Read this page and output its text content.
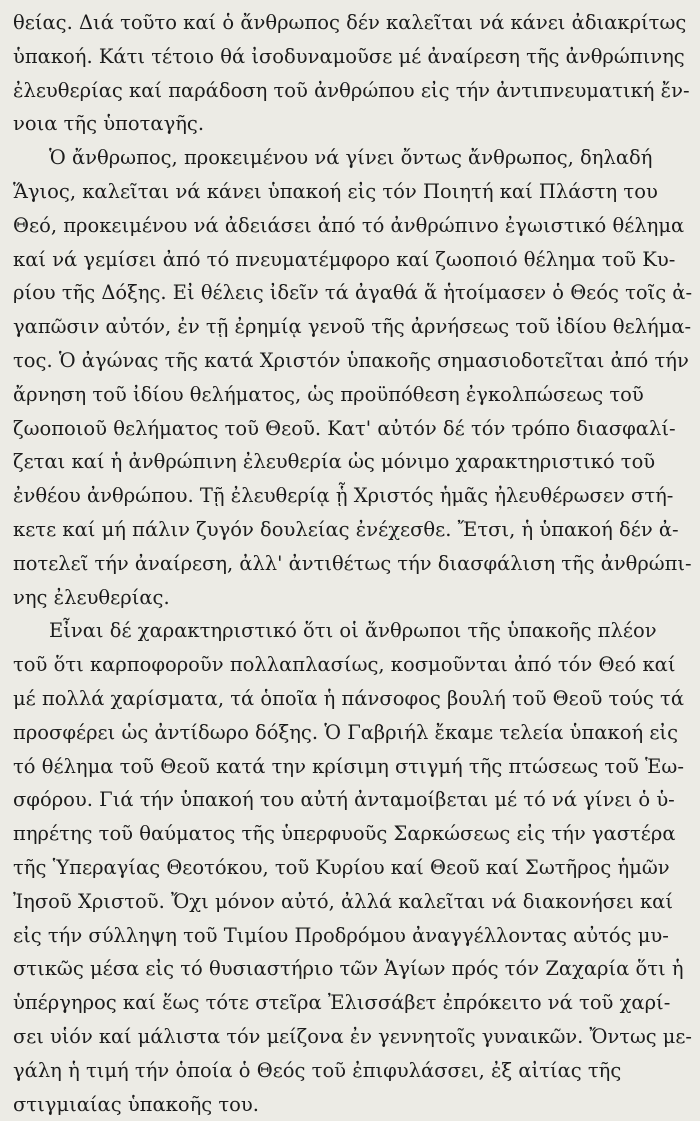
θείας. Διά τοῦτο καί ὁ ἄνθρωπος δέν καλεῖται νά κάνει ἀδιακρίτως
ὑπακοή. Κάτι τέτοιο θά ἰσοδυναμοῦσε μέ ἀναίρεση τῆς ἀνθρώπινης
ἐλευθερίας καί παράδοση τοῦ ἀνθρώπου εἰς τήν ἀντιπνευματική ἔν-
νοια τῆς ὑποταγῆς.
Ὁ ἄνθρωπος, προκειμένου νά γίνει ὄντως ἄνθρωπος, δηλαδή
Ἅγιος, καλεῖται νά κάνει ὑπακοή εἰς τόν Ποιητή καί Πλάστη του
Θεό, προκειμένου νά ἀδειάσει ἀπό τό ἀνθρώπινο ἐγωιστικό θέλημα
καί νά γεμίσει ἀπό τό πνευματέμφορο καί ζωοποιό θέλημα τοῦ Κυ-
ρίου τῆς Δόξης. Εἰ θέλεις ἰδεῖν τά ἀγαθά ἅ ἡτοίμασεν ὁ Θεός τοῖς ἀ-
γαπῶσιν αὐτόν, ἐν τῇ ἐρημίᾳ γενοῦ τῆς ἀρνήσεως τοῦ ἰδίου θελήμα-
τος. Ὁ ἀγώνας τῆς κατά Χριστόν ὑπακοῆς σημασιοδοτεῖται ἀπό τήν
ἄρνηση τοῦ ἰδίου θελήματος, ὡς προϋπόθεση ἐγκολπώσεως τοῦ
ζωοποιοῦ θελήματος τοῦ Θεοῦ. Κατ' αὐτόν δέ τόν τρόπο διασφαλί-
ζεται καί ἡ ἀνθρώπινη ἐλευθερία ὡς μόνιμο χαρακτηριστικό τοῦ
ἐνθέου ἀνθρώπου. Τῇ ἐλευθερίᾳ ᾗ Χριστός ἡμᾶς ἠλευθέρωσεν στή-
κετε καί μή πάλιν ζυγόν δουλείας ἐνέχεσθε. Ἔτσι, ἡ ὑπακοή δέν ἀ-
ποτελεῖ τήν ἀναίρεση, ἀλλ' ἀντιθέτως τήν διασφάλιση τῆς ἀνθρώπι-
νης ἐλευθερίας.
Εἶναι δέ χαρακτηριστικό ὅτι οἱ ἄνθρωποι τῆς ὑπακοῆς πλέον
τοῦ ὅτι καρποφοροῦν πολλαπλασίως, κοσμοῦνται ἀπό τόν Θεό καί
μέ πολλά χαρίσματα, τά ὁποῖα ἡ πάνσοφος βουλή τοῦ Θεοῦ τούς τά
προσφέρει ὡς ἀντίδωρο δόξης. Ὁ Γαβριήλ ἔκαμε τελεία ὑπακοή εἰς
τό θέλημα τοῦ Θεοῦ κατά την κρίσιμη στιγμή τῆς πτώσεως τοῦ Ἑω-
σφόρου. Γιά τήν ὑπακοή του αὐτή ἀνταμοίβεται μέ τό νά γίνει ὁ ὑ-
πηρέτης τοῦ θαύματος τῆς ὑπερφυοῦς Σαρκώσεως εἰς τήν γαστέρα
τῆς Ὑπεραγίας Θεοτόκου, τοῦ Κυρίου καί Θεοῦ καί Σωτῆρος ἡμῶν
Ἰησοῦ Χριστοῦ. Ὄχι μόνον αὐτό, ἀλλά καλεῖται νά διακονήσει καί
εἰς τήν σύλληψη τοῦ Τιμίου Προδρόμου ἀναγγέλλοντας αὐτός μυ-
στικῶς μέσα εἰς τό θυσιαστήριο τῶν Ἁγίων πρός τόν Ζαχαρία ὅτι ἡ
ὑπέργηρος καί ἕως τότε στεῖρα Ἐλισσάβετ ἐπρόκειτο νά τοῦ χαρί-
σει υἱόν καί μάλιστα τόν μείζονα ἐν γεννητοῖς γυναικῶν. Ὄντως με-
γάλη ἡ τιμή τήν ὁποία ὁ Θεός τοῦ ἐπιφυλάσσει, ἐξ αἰτίας τῆς
στιγμιαίας ὑπακοῆς του.
